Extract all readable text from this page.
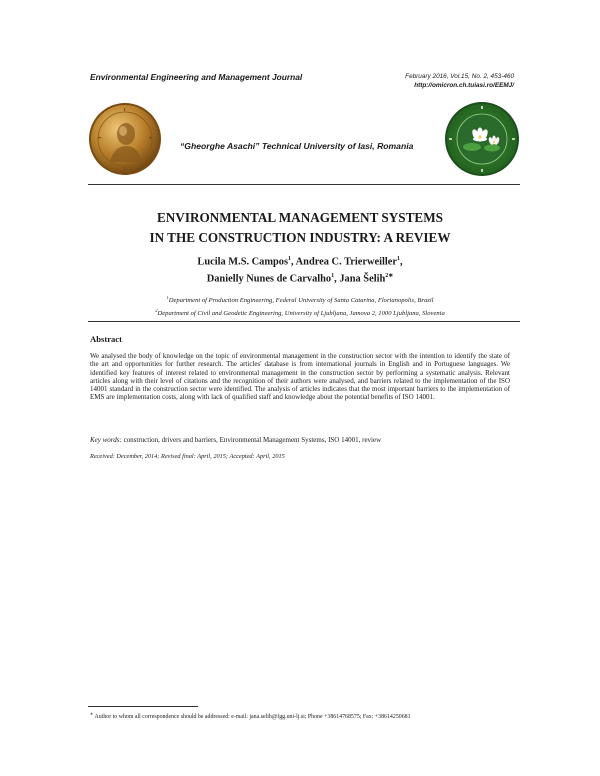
Environmental Engineering and Management Journal	February 2016, Vol.15, No. 2, 453-460
http://omicron.ch.tuiasi.ro/EEMJ/
“Gheorghe Asachi” Technical University of Iasi, Romania
ENVIRONMENTAL MANAGEMENT SYSTEMS
IN THE CONSTRUCTION INDUSTRY: A REVIEW
Lucila M.S. Campos$^1$, Andrea C. Trierweiller$^1$,
Danielly Nunes de Carvalho$^1$, Jana Šelih$^{2∗}$
$^1$Department of Production Engineering, Federal University of Santa Catarina, Florianopolis, Brazil
$^2$Department of Civil and Geodetic Engineering, University of Ljubljana, Jamova 2, 1000 Ljubljana, Slovenia
Abstract
We analysed the body of knowledge on the topic of environmental management in the construction sector with the intention to identify the state of the art and opportunities for further research. The articles' database is from international journals in English and in Portuguese languages. We identified key features of interest related to environmental management in the construction sector by performing a systematic analysis. Relevant articles along with their level of citations and the recognition of their authors were analysed, and barriers related to the implementation of the ISO 14001 standard in the construction sector were identified. The analysis of articles indicates that the most important barriers to the implementation of EMS are implementation costs, along with lack of qualified staff and knowledge about the potential benefits of ISO 14001.
Key words: construction, drivers and barriers, Environmental Management Systems, ISO 14001, review
Received: December, 2014; Revised final: April, 2015; Accepted: April, 2015
∗ Author to whom all correspondence should be addressed: e-mail: jana.selih@fgg.uni-lj.si; Phone +38614768575; Fax: +38614250681
